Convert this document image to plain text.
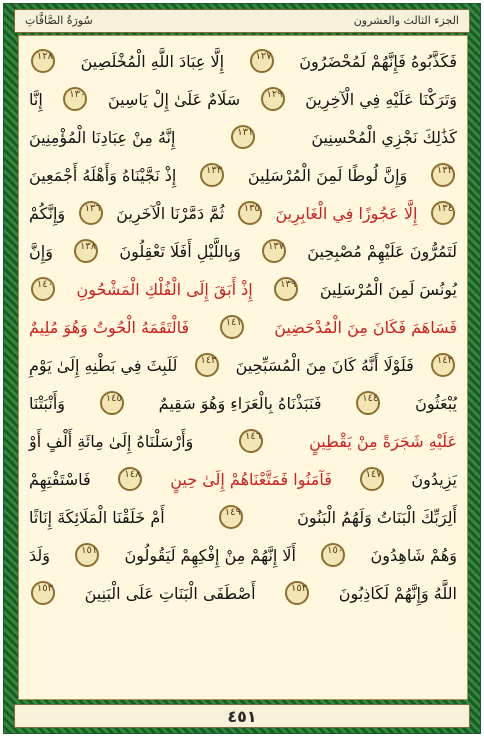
سُورَةُ الصَّافَّاتِ	الجزء الثالث والعشرون
فَكَذَّبُوهُ فَإِنَّهُمْ لَمُحْضَرُونَ
١٢٧
إِلَّا عِبَادَ اللَّهِ الْمُخْلَصِينَ
١٢٨
وَتَرَكْنَا عَلَيْهِ فِي الْآخِرِينَ
١٢٩
سَلَامٌ عَلَىٰ إِلْ يَاسِينَ
١٣٠
إِنَّا
كَذَٰلِكَ نَجْزِي الْمُحْسِنِينَ
١٣١
إِنَّهُ مِنْ عِبَادِنَا الْمُؤْمِنِينَ
١٣٢
وَإِنَّ لُوطًا لَمِنَ الْمُرْسَلِينَ
١٣٣
إِذْ نَجَّيْنَاهُ وَأَهْلَهُ أَجْمَعِينَ
١٣٤
إِلَّا عَجُوزًا فِي الْغَابِرِينَ
١٣٥
ثُمَّ دَمَّرْنَا الْآخَرِينَ
١٣٦
وَإِنَّكُمْ
لَتَمُرُّونَ عَلَيْهِمْ مُصْبِحِينَ
١٣٧
وَبِاللَّيْلِ أَفَلَا تَعْقِلُونَ
١٣٨
وَإِنَّ
يُونُسَ لَمِنَ الْمُرْسَلِينَ
١٣٩
إِذْ أَبَقَ إِلَى الْفُلْكِ الْمَشْحُونِ
١٤٠
فَسَاهَمَ فَكَانَ مِنَ الْمُدْحَضِينَ
١٤١
فَالْتَقَمَهُ الْحُوتُ وَهُوَ مُلِيمٌ
١٤٢
فَلَوْلَا أَنَّهُ كَانَ مِنَ الْمُسَبِّحِينَ
١٤٣
لَلَبِثَ فِي بَطْنِهِ إِلَىٰ يَوْمِ
يُبْعَثُونَ
١٤٤
فَنَبَذْنَاهُ بِالْعَرَاءِ وَهُوَ سَقِيمٌ
١٤٥
وَأَنْبَتْنَا
عَلَيْهِ شَجَرَةً مِنْ يَقْطِينٍ
١٤٦
وَأَرْسَلْنَاهُ إِلَىٰ مِائَةِ أَلْفٍ أَوْ
يَزِيدُونَ
١٤٧
فَآمَنُوا فَمَتَّعْنَاهُمْ إِلَىٰ حِينٍ
١٤٨
فَاسْتَفْتِهِمْ
أَلِرَبِّكَ الْبَنَاتُ وَلَهُمُ الْبَنُونَ
١٤٩
أَمْ خَلَقْنَا الْمَلَائِكَةَ إِنَاثًا
وَهُمْ شَاهِدُونَ
١٥٠
أَلَا إِنَّهُمْ مِنْ إِفْكِهِمْ لَيَقُولُونَ
١٥١
وَلَدَ
اللَّهُ وَإِنَّهُمْ لَكَاذِبُونَ
١٥٢
أَصْطَفَى الْبَنَاتِ عَلَى الْبَنِينَ
١٥٣
٤٥١
